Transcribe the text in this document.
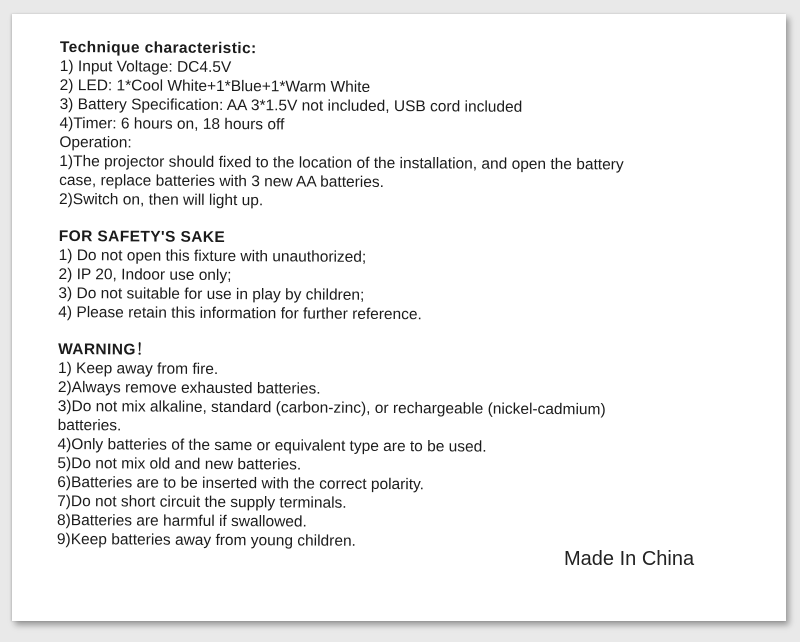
Technique characteristic:

1) Input Voltage: DC4.5V

2) LED: 1*Cool White+1*Blue+1*Warm White

3) Battery Specification: AA 3*1.5V not included, USB cord included

4)Timer: 6 hours on, 18 hours off

Operation:

1)The projector should fixed to the location of the installation, and open the battery

case, replace batteries with 3 new AA batteries.

2)Switch on, then will light up.

FOR SAFETY'S SAKE

1) Do not open this fixture with unauthorized;

2) IP 20, Indoor use only;

3) Do not suitable for use in play by children;

4) Please retain this information for further reference.

WARNING！

1) Keep away from fire.

2)Always remove exhausted batteries.

3)Do not mix alkaline, standard (carbon-zinc), or rechargeable (nickel-cadmium)

batteries.

4)Only batteries of the same or equivalent type are to be used.

5)Do not mix old and new batteries.

6)Batteries are to be inserted with the correct polarity.

7)Do not short circuit the supply terminals.

8)Batteries are harmful if swallowed.

9)Keep batteries away from young children.

Made In China
